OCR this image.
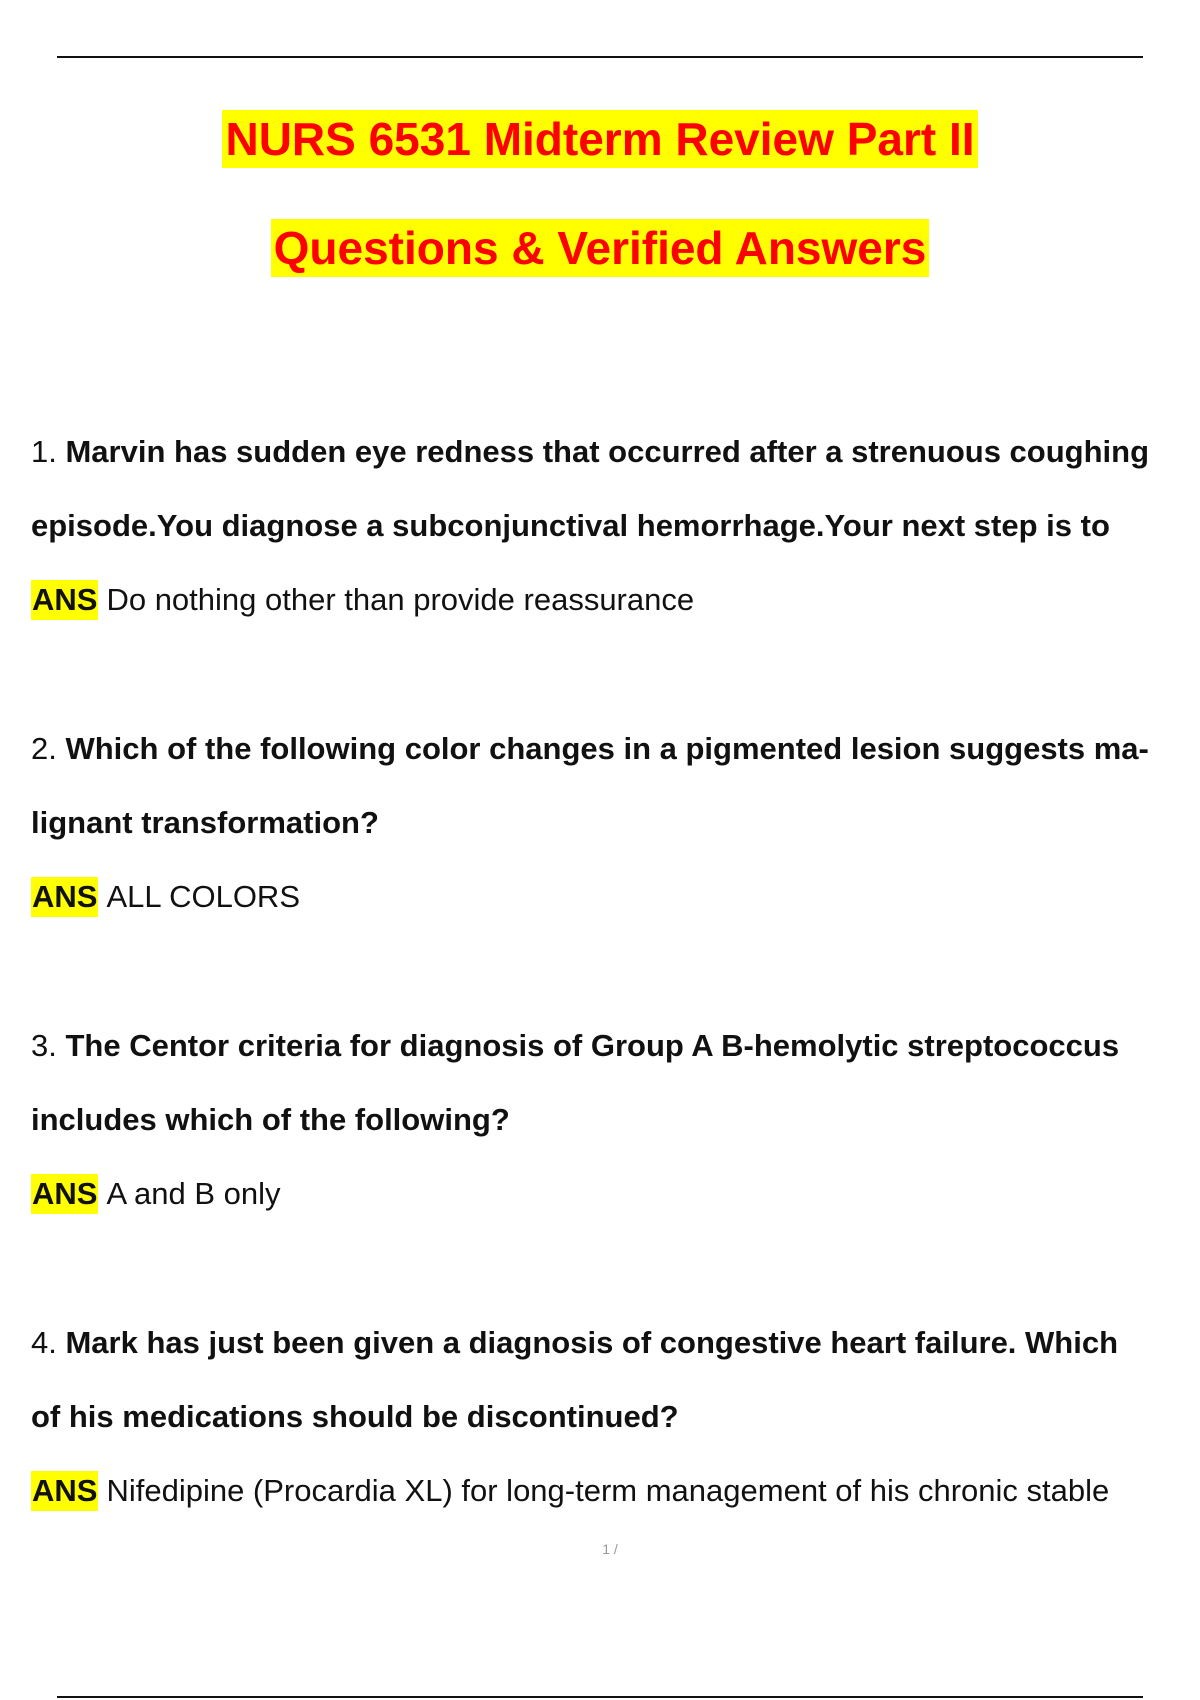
NURS 6531 Midterm Review Part II
Questions & Verified Answers
1. Marvin has sudden eye redness that occurred after a strenuous coughing
episode.You diagnose a subconjunctival hemorrhage.Your next step is to
ANS Do nothing other than provide reassurance
2. Which of the following color changes in a pigmented lesion suggests ma-
lignant transformation?
ANS ALL COLORS
3. The Centor criteria for diagnosis of Group A B-hemolytic streptococcus
includes which of the following?
ANS A and B only
4. Mark has just been given a diagnosis of congestive heart failure. Which
of his medications should be discontinued?
ANS Nifedipine (Procardia XL) for long-term management of his chronic stable
1 /
